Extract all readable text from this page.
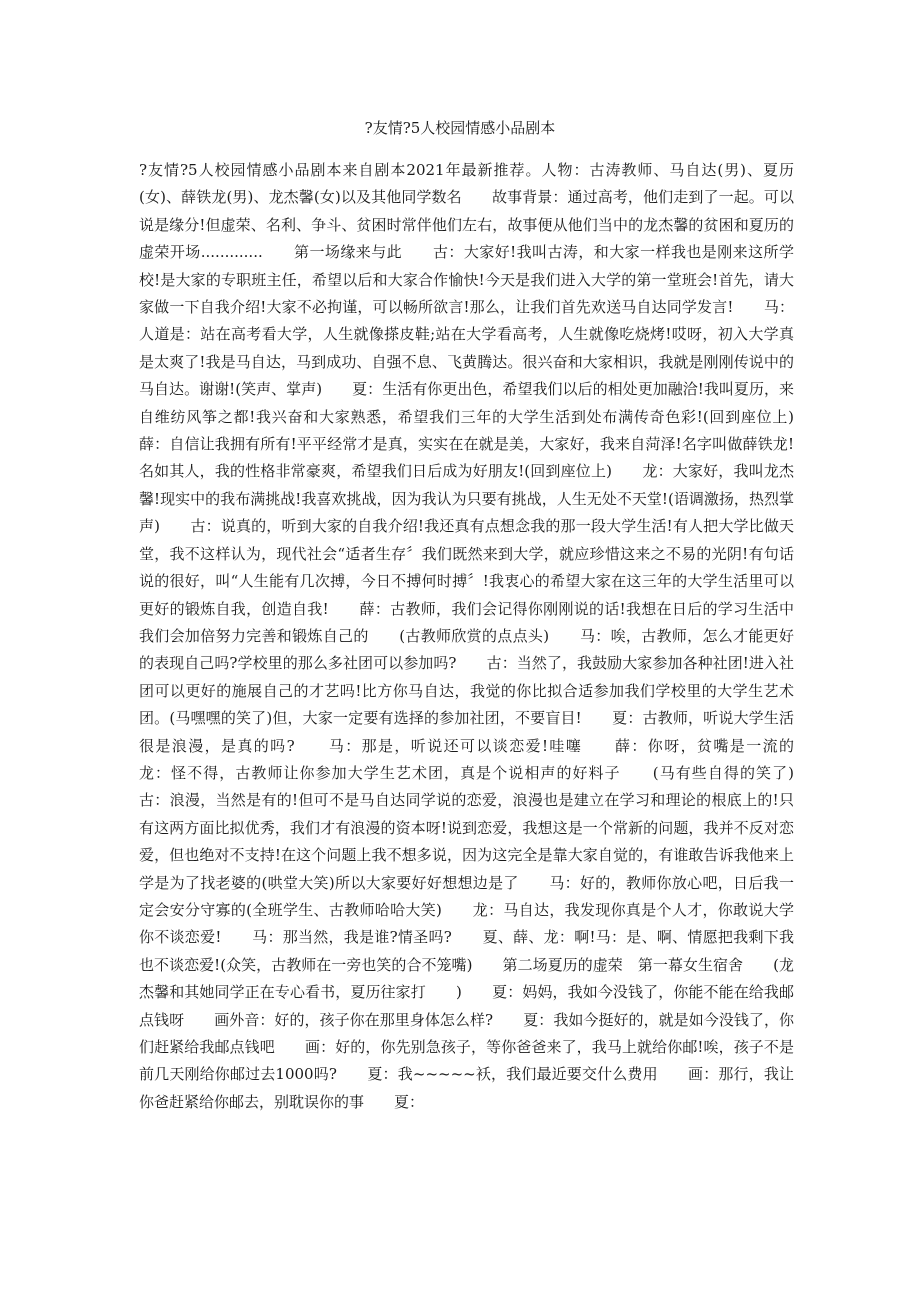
?友情?5人校园情感小品剧本

?友情?5人校园情感小品剧本来自剧本2021年最新推荐。人物：古涛教师、马自达(男)、夏历(女)、薛铁龙(男)、龙杰馨(女)以及其他同学数名　　故事背景：通过高考，他们走到了一起。可以说是缘分!但虚荣、名利、争斗、贫困时常伴他们左右，故事便从他们当中的龙杰馨的贫困和夏历的虚荣开场.............　　第一场缘来与此　　古：大家好!我叫古涛，和大家一样我也是刚来这所学校!是大家的专职班主任，希望以后和大家合作愉快!今天是我们进入大学的第一堂班会!首先，请大家做一下自我介绍!大家不必拘谨，可以畅所欲言!那么，让我们首先欢送马自达同学发言!　　马：人道是：站在高考看大学，人生就像搽皮鞋;站在大学看高考，人生就像吃烧烤!哎呀，初入大学真是太爽了!我是马自达，马到成功、自强不息、飞黄腾达。很兴奋和大家相识，我就是刚刚传说中的马自达。谢谢!(笑声、掌声)　　夏：生活有你更出色，希望我们以后的相处更加融洽!我叫夏历，来自维纺风筝之都!我兴奋和大家熟悉，希望我们三年的大学生活到处布满传奇色彩!(回到座位上)　　薛：自信让我拥有所有!平平经常才是真，实实在在就是美，大家好，我来自菏泽!名字叫做薛铁龙!名如其人，我的性格非常豪爽，希望我们日后成为好朋友!(回到座位上)　　龙：大家好，我叫龙杰馨!现实中的我布满挑战!我喜欢挑战，因为我认为只要有挑战，人生无处不天堂!(语调激扬，热烈掌声)　　古：说真的，听到大家的自我介绍!我还真有点想念我的那一段大学生活!有人把大学比做天堂，我不这样认为，现代社会“适者生存〞我们既然来到大学，就应珍惜这来之不易的光阴!有句话说的很好，叫“人生能有几次搏，今日不搏何时搏〞!我衷心的希望大家在这三年的大学生活里可以更好的锻炼自我，创造自我!　　薛：古教师，我们会记得你刚刚说的话!我想在日后的学习生活中我们会加倍努力完善和锻炼自己的　　(古教师欣赏的点点头)　　马：唉，古教师，怎么才能更好的表现自己吗?学校里的那么多社团可以参加吗?　　古：当然了，我鼓励大家参加各种社团!进入社团可以更好的施展自己的才艺吗!比方你马自达，我觉的你比拟合适参加我们学校里的大学生艺术团。(马嘿嘿的笑了)但，大家一定要有选择的参加社团，不要盲目!　　夏：古教师，听说大学生活很是浪漫，是真的吗?　　马：那是，听说还可以谈恋爱!哇噻　　薛：你呀，贫嘴是一流的　　龙：怪不得，古教师让你参加大学生艺术团，真是个说相声的好料子　　(马有些自得的笑了)　　古：浪漫，当然是有的!但可不是马自达同学说的恋爱，浪漫也是建立在学习和理论的根底上的!只有这两方面比拟优秀，我们才有浪漫的资本呀!说到恋爱，我想这是一个常新的问题，我并不反对恋爱，但也绝对不支持!在这个问题上我不想多说，因为这完全是靠大家自觉的，有谁敢告诉我他来上学是为了找老婆的(哄堂大笑)所以大家要好好想想边是了　　马：好的，教师你放心吧，日后我一定会安分守寡的(全班学生、古教师哈哈大笑)　　龙：马自达，我发现你真是个人才，你敢说大学你不谈恋爱!　　马：那当然，我是谁?情圣吗?　　夏、薛、龙：啊!马：是、啊、情愿把我剩下我也不谈恋爱!(众笑，古教师在一旁也笑的合不笼嘴)　　第二场夏历的虚荣　第一幕女生宿舍　　(龙杰馨和其她同学正在专心看书，夏历往家打　　)　　夏：妈妈，我如今没钱了，你能不能在给我邮点钱呀　　画外音：好的，孩子你在那里身体怎么样?　　夏：我如今挺好的，就是如今没钱了，你们赶紧给我邮点钱吧　　画：好的，你先别急孩子，等你爸爸来了，我马上就给你邮!唉，孩子不是前几天刚给你邮过去1000吗?　　夏：我~~~~~袄，我们最近要交什么费用　　画：那行，我让你爸赶紧给你邮去，别耽误你的事　　夏：
